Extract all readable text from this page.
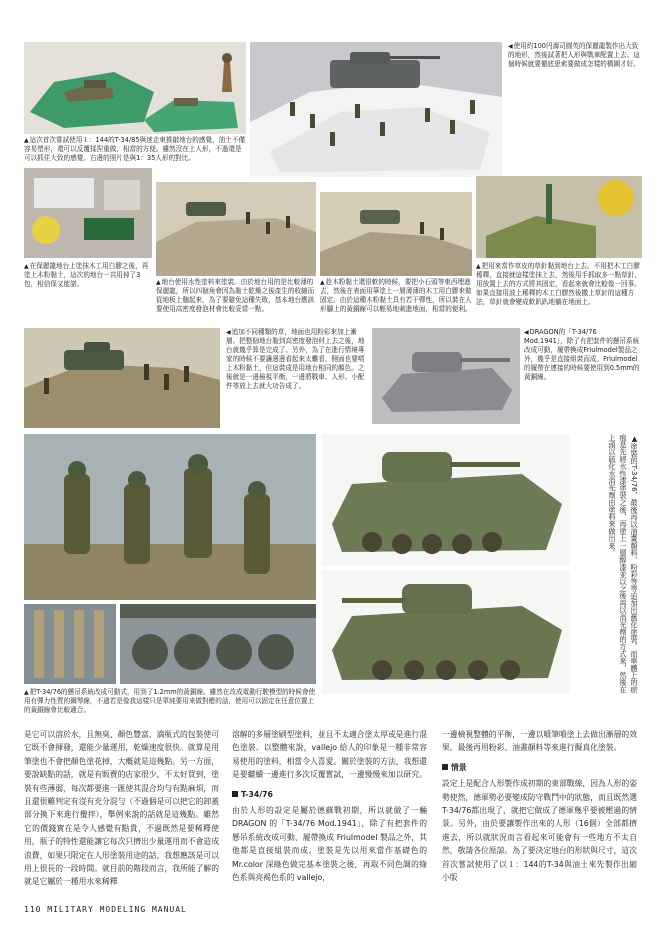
▲這次首次嘗試使用１：144的T-34/85與迷走東推敲地台的感覺，油土不僅容易塑形，還可以反覆揉捏重做，相當的方便。雖然沒在上人形，不過還是可以抓住大致的感覺。右邊的照片是與1：35人形的對比。
◀使用約100円壽司圓英的保麗龍製作出大致的地形，然後試著把人形與戰車配置上去。這個時候就要徹底思索要做成怎樣的構圖才好。
▲在保麗龍地台上塗抹木工用白膠之後，再塗上木粉黏土，這次的地台一共用掉了3包，相信保又能諾。	▲地台使用水性塗料來塗裝。由於地台用的是比較薄的保麗龍，所以四個角會因為黏土乾燥之後產生的收縮而從地板上翹起來，為了要避免這種失敗，基本地台應該要使用高密度發泡材會比較妥當一點。
▲趁木粉黏土還很軟的時候，要把小石頭等東西埋進去，然後在表面用筆塗上一層薄薄的木工用白膠來做固定。由於這種木粉黏土具有若干彈性，所以裝在人形腳上的黃銅線可以輕易地刺進地面，相當的便利。
▲把用來當作草皮的草針黏到地台上去。不用把木工白膠稀釋，直接就這樣塗抹上去，然後用手抓取多一點草針，用放置上去的方式將其固定，看起來就會比較像一回事。如果直接用波上稀釋的木工白膠然後撒上草針的這種方法，草針就會變成軟趴趴地躺在地面上。
◀追加不同種類的草，地面也用粉彩來加上漸層。把整個地台黏到高密度發泡材上去之後，地台就幾乎算是完成了。另外，為了在進行情境專家的時候不要讓邊邊看起來太難看，側面也要噴上木粉黏土，但這裝成是用地台相同的顏色。之後就是一邊檢視平衡，一邊將戰車、人形、小配件等放上去就大功告成了。
◀DRAGON的「T-34/76 Mod.1941」，除了有把套件的懸吊系統改成可動，履帶換成Friulmodel製品之外，幾乎是直接組裝而成。Friulmodel的履帶在連接的時候要使用到0.5mm的黃銅線。
▲塗裝的T-34/76，最後再以油畫顏料、粉彩等等追加出舊化塗裝。而車體上的瘀痕是先將水性漆塗裝之後，再塗上一層醇漆並以之後再以消光劑的方式來，然後在上頭以硫化水消光劑由塗料來做出來。
▲把T-34/76的懸吊系統改成可動式，用到了1.2mm的黃銅線。雖然在改成電動行駛模型的時候會使用有彈力性質的鋼琴線，不過若是像我這樣只是單純要用來做對應的話，使用可以固定在任意位置上的黃銅線會比較適合。

是它可以溶於水，且無臭、顏色豐富、滴瓶式的包裝使可它既不會揮發，還能少量運用，乾燥速度很快。就算是用筆塗也不會把顏色塗花掉，大概就是這幾點。另一方面，要說缺點的話，就是有販賣的店家很少，不太好買到，塗裝有些薄弱，每次都要進一匯使其混合均勻有點麻煩，而且還很難判定有沒有充分混勻（不過個是可以把它的卸蓋部分換下來進行攪拌），舉例來說的話就是這幾點。雖然它的價錢實在是令人感覺有點貴，不過既然是要稀釋使用，瓶子的特性還能讓它每次只擠出少量運用而不會造成浪費，如果只限定在人形塗裝用途的話，我想應該是可以用上很長的一段時間。就目前的階段而言，我所能了解的就是它屬於一種用水來稀釋

溶解的多層塗刷型塗料，並且不太適合塗太厚或是進行混色塗裝。以整體來說，vallejo 給人的印象是一種非常容易使用的塗料，相當令人喜愛。關於塗裝的方法，我想還是要繼續一邊進行多次反覆嘗試，一邊慢慢來加以研究。

T-34/76

由於人形的設定是屬於德蘇戰初期，所以就做了一輛 DRAGON 的「T-34/76 Mod.1941」，除了有把套件的懸吊系統改成可動、履帶換成 Friulmodel 製品之外，其他都是直接組裝而成。塗裝是先以用來當作基礎色的 Mr.color 深綠色做完基本塗裝之後，再取不同色調的綠色系與亮褐色系的 vallejo，

一邊檢視整體的平衡，一邊以噴筆噴塗上去做出漸層的效果。最後再用粉彩、油畫顏料等來進行擬真化塗裝。

情景

設定上是配合人形製作成初期的東部戰線，因為人形的姿勢使然，德軍勢必要變成防守戰鬥中的狀態，而且既然選 T-34/76都出現了，就把它做成了德軍幾乎要被壓過的情景。另外，由於要讓製作出來的人形（16個）全部都擠進去，所以就狀況而言看起來可能會有一些地方不太自然，敬請各位原諒。為了要決定地台的形狀與尺寸，這次首次嘗試使用了以１：144的T-34與油土來先製作出縮小版

110 MILITARY MODELING MANUAL
